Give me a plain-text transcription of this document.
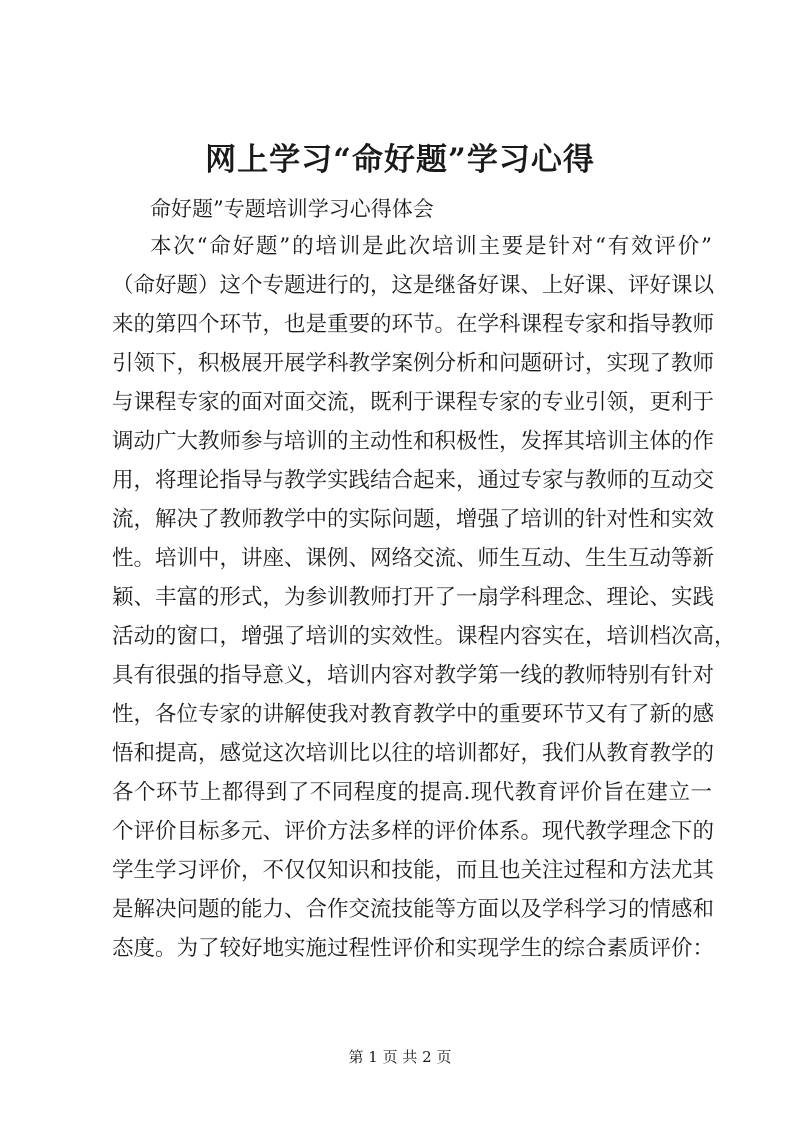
网上学习“命好题”学习心得

命好题”专题培训学习心得体会

本次“命好题”的培训是此次培训主要是针对“有效评价”

（命好题）这个专题进行的，这是继备好课、上好课、评好课以

来的第四个环节，也是重要的环节。在学科课程专家和指导教师

引领下，积极展开展学科教学案例分析和问题研讨，实现了教师

与课程专家的面对面交流，既利于课程专家的专业引领，更利于

调动广大教师参与培训的主动性和积极性，发挥其培训主体的作

用，将理论指导与教学实践结合起来，通过专家与教师的互动交

流，解决了教师教学中的实际问题，增强了培训的针对性和实效

性。培训中，讲座、课例、网络交流、师生互动、生生互动等新

颖、丰富的形式，为参训教师打开了一扇学科理念、理论、实践

活动的窗口，增强了培训的实效性。课程内容实在，培训档次高，

具有很强的指导意义，培训内容对教学第一线的教师特别有针对

性，各位专家的讲解使我对教育教学中的重要环节又有了新的感

悟和提高，感觉这次培训比以往的培训都好，我们从教育教学的

各个环节上都得到了不同程度的提高.现代教育评价旨在建立一

个评价目标多元、评价方法多样的评价体系。现代教学理念下的

学生学习评价，不仅仅知识和技能，而且也关注过程和方法尤其

是解决问题的能力、合作交流技能等方面以及学科学习的情感和

态度。为了较好地实施过程性评价和实现学生的综合素质评价：

第 1 页 共 2 页
